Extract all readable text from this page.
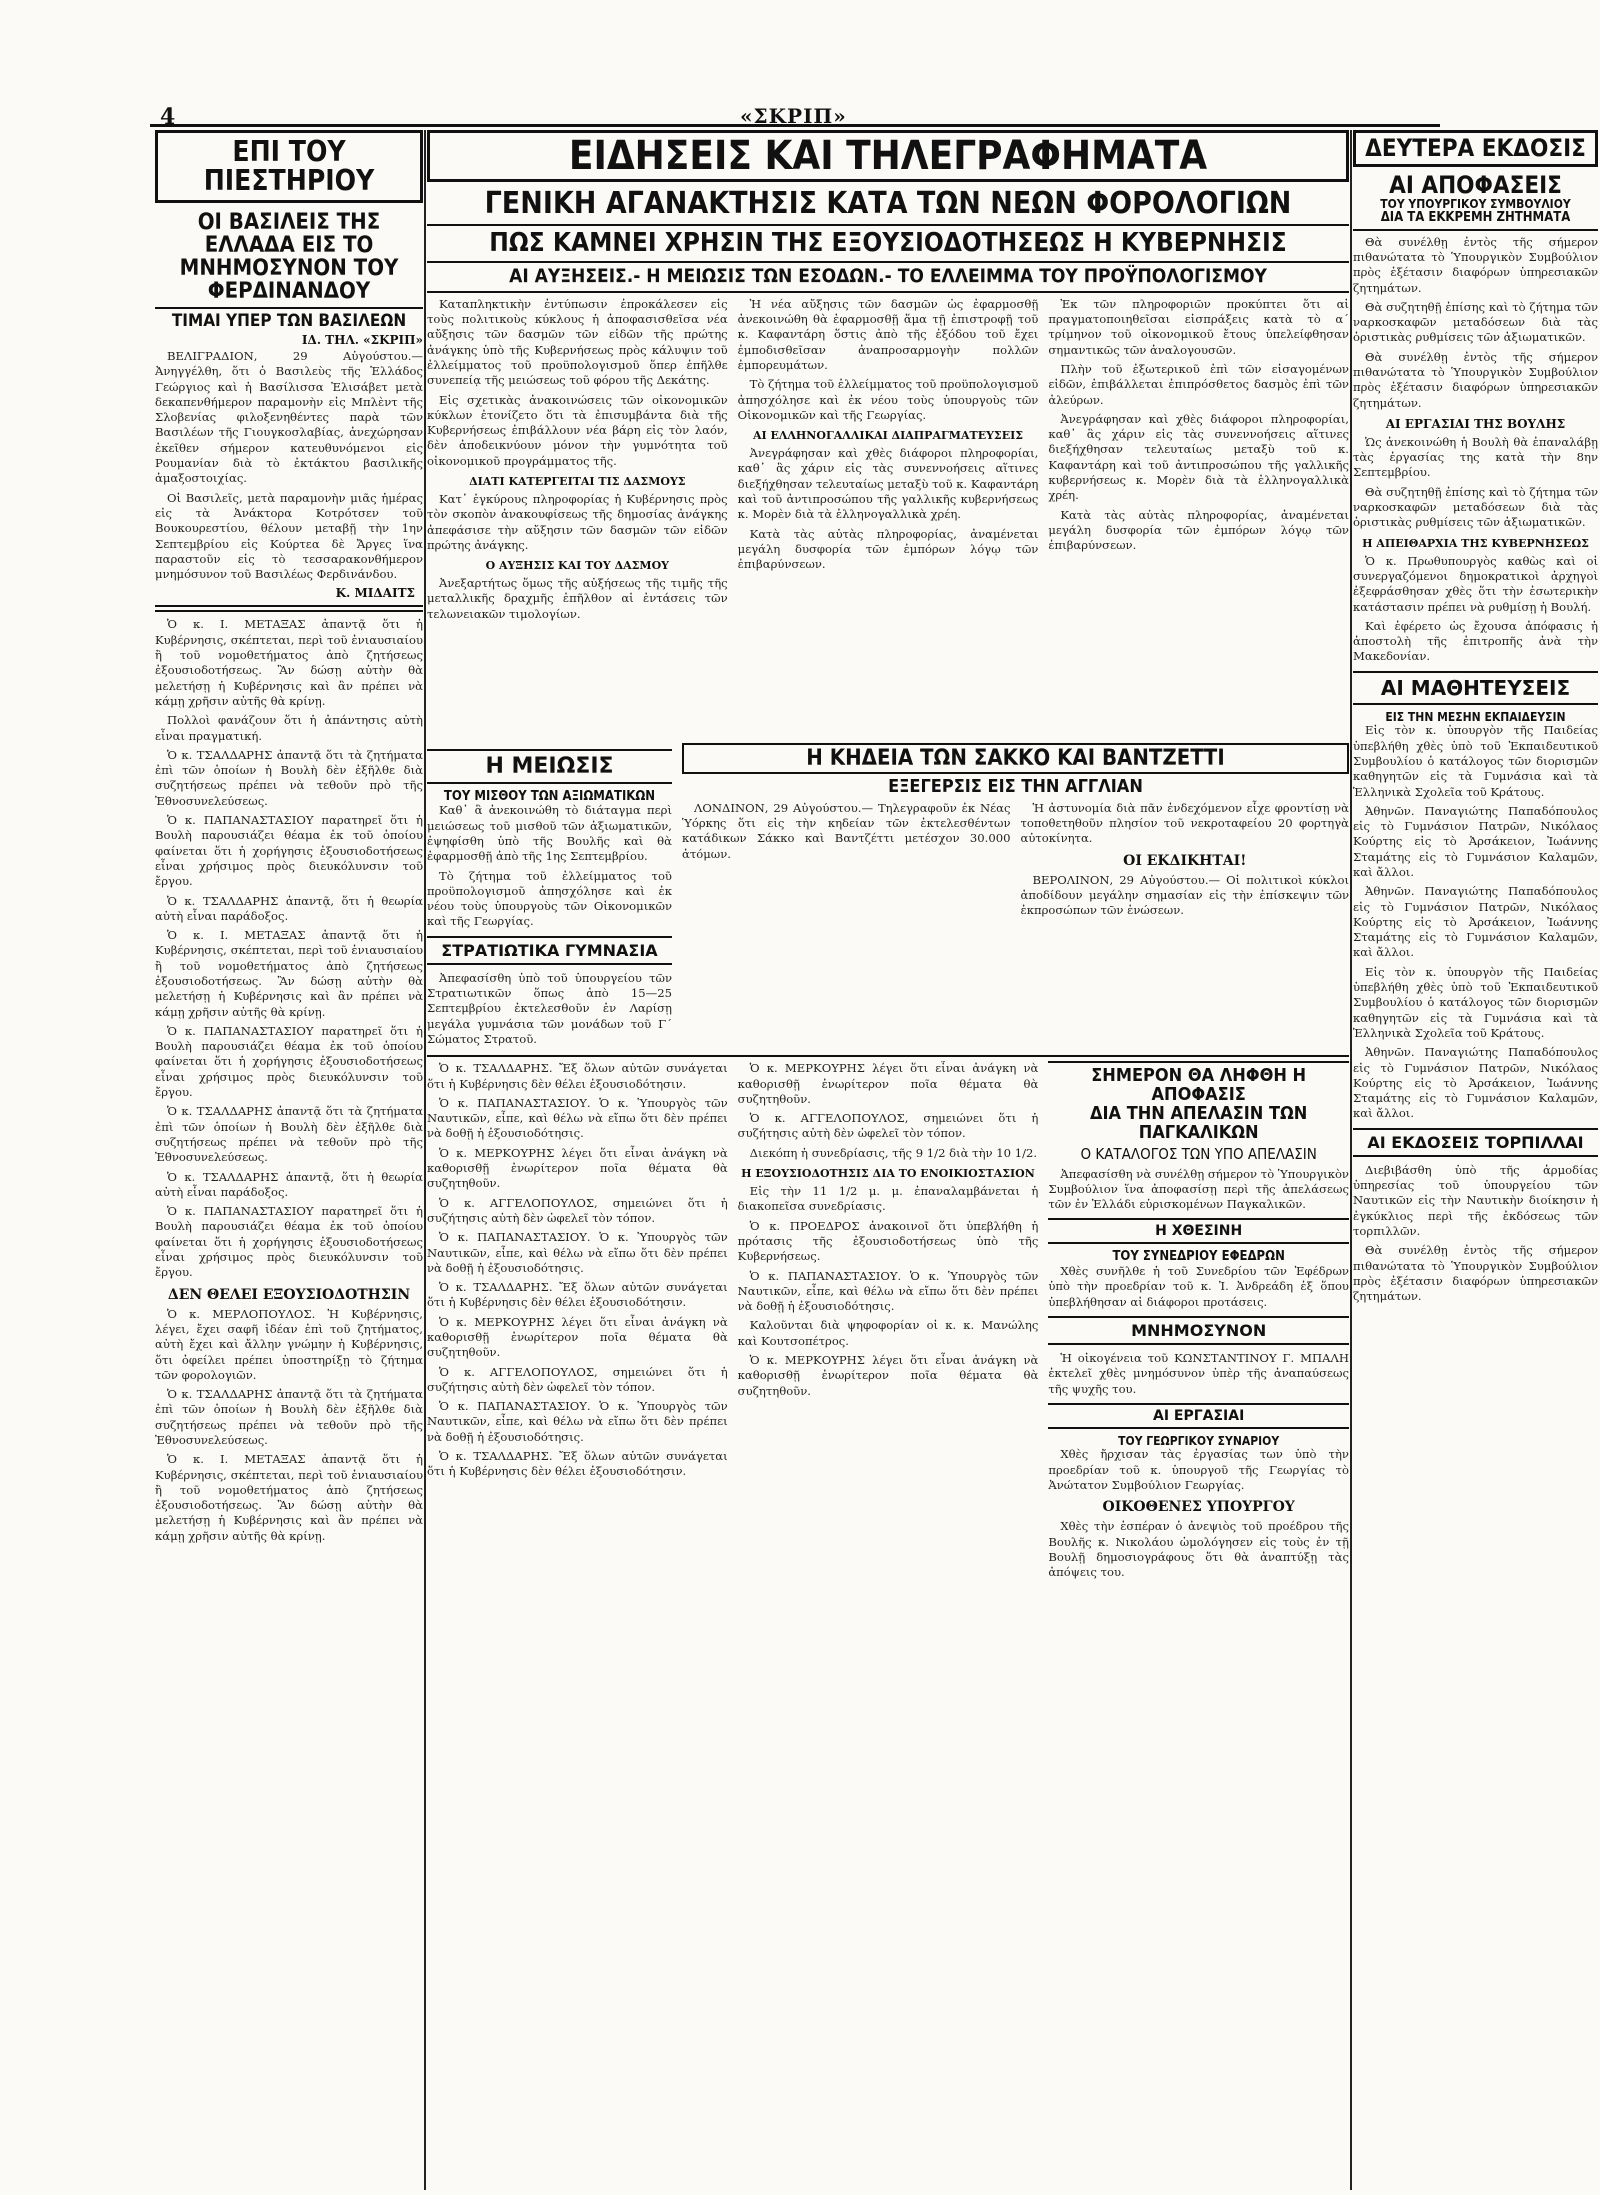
4	«ΣΚΡΙΠ»
ΕΠΙ ΤΟΥ ΠΙΕΣΤΗΡΙΟΥ
ΟΙ ΒΑΣΙΛΕΙΣ ΤΗΣ ΕΛΛΑΔΑ ΕΙΣ ΤΟ ΜΝΗΜΟΣΥΝΟΝ ΤΟΥ ΦΕΡΔΙΝΑΝΔΟΥ
ΤΙΜΑΙ ΥΠΕΡ ΤΩΝ ΒΑΣΙΛΕΩΝ
ΙΔ. ΤΗΛ. «ΣΚΡΙΠ»

ΒΕΛΙΓΡΑΔΙΟΝ, 29 Αὐγούστου.— Ἀνηγγέλθη, ὅτι ὁ Βασιλεὺς τῆς Ἑλλάδος Γεώργιος καὶ ἡ Βασίλισσα Ἐλισάβετ μετὰ δεκαπενθήμερον παραμονὴν εἰς Μπλὲντ τῆς Σλοβενίας φιλοξενηθέντες παρὰ τῶν Βασιλέων τῆς Γιουγκοσλαβίας, ἀνεχώρησαν ἐκεῖθεν σήμερον κατευθυνόμενοι εἰς Ρουμανίαν διὰ τὸ ἐκτάκτου βασιλικῆς ἀμαξοστοιχίας.

Οἱ Βασιλεῖς, μετὰ παραμονὴν μιᾶς ἡμέρας εἰς τὰ Ἀνάκτορα Κοτρότσεν τοῦ Βουκουρεστίου, θέλουν μεταβῇ τὴν 1ην Σεπτεμβρίου εἰς Κούρτεα δὲ Ἄργες ἵνα παραστοῦν εἰς τὸ τεσσαρακονθήμερον μνημόσυνον τοῦ Βασιλέως Φερδινάνδου.

Κ. ΜΙΔΑΙΤΣ

Ὁ κ. Ι. ΜΕΤΑΞΑΣ ἀπαντᾷ ὅτι ἡ Κυβέρνησις, σκέπτεται, περὶ τοῦ ἐνιαυσιαίου ἢ τοῦ νομοθετήματος ἀπὸ ζητήσεως ἐξουσιοδοτήσεως. Ἂν δώσῃ αὐτὴν θὰ μελετήσῃ ἡ Κυβέρνησις καὶ ἂν πρέπει νὰ κάμῃ χρῆσιν αὐτῆς θὰ κρίνῃ.

Πολλοὶ φανάζουν ὅτι ἡ ἀπάντησις αὐτὴ εἶναι πραγματική.

Ὁ κ. ΤΣΑΛΔΑΡΗΣ ἀπαντᾷ ὅτι τὰ ζητήματα ἐπὶ τῶν ὁποίων ἡ Βουλὴ δὲν ἐξῆλθε διὰ συζητήσεως πρέπει νὰ τεθοῦν πρὸ τῆς Ἐθνοσυνελεύσεως.

Ὁ κ. ΠΑΠΑΝΑΣΤΑΣΙΟΥ παρατηρεῖ ὅτι ἡ Βουλὴ παρουσιάζει θέαμα ἐκ τοῦ ὁποίου φαίνεται ὅτι ἡ χορήγησις ἐξουσιοδοτήσεως εἶναι χρήσιμος πρὸς διευκόλυνσιν τοῦ ἔργου.

Ὁ κ. ΤΣΑΛΔΑΡΗΣ ἀπαντᾷ, ὅτι ἡ θεωρία αὐτὴ εἶναι παράδοξος.

Ὁ κ. Ι. ΜΕΤΑΞΑΣ ἀπαντᾷ ὅτι ἡ Κυβέρνησις, σκέπτεται, περὶ τοῦ ἐνιαυσιαίου ἢ τοῦ νομοθετήματος ἀπὸ ζητήσεως ἐξουσιοδοτήσεως. Ἂν δώσῃ αὐτὴν θὰ μελετήσῃ ἡ Κυβέρνησις καὶ ἂν πρέπει νὰ κάμῃ χρῆσιν αὐτῆς θὰ κρίνῃ.

Ὁ κ. ΠΑΠΑΝΑΣΤΑΣΙΟΥ παρατηρεῖ ὅτι ἡ Βουλὴ παρουσιάζει θέαμα ἐκ τοῦ ὁποίου φαίνεται ὅτι ἡ χορήγησις ἐξουσιοδοτήσεως εἶναι χρήσιμος πρὸς διευκόλυνσιν τοῦ ἔργου.

Ὁ κ. ΤΣΑΛΔΑΡΗΣ ἀπαντᾷ ὅτι τὰ ζητήματα ἐπὶ τῶν ὁποίων ἡ Βουλὴ δὲν ἐξῆλθε διὰ συζητήσεως πρέπει νὰ τεθοῦν πρὸ τῆς Ἐθνοσυνελεύσεως.

Ὁ κ. ΤΣΑΛΔΑΡΗΣ ἀπαντᾷ, ὅτι ἡ θεωρία αὐτὴ εἶναι παράδοξος.

Ὁ κ. ΠΑΠΑΝΑΣΤΑΣΙΟΥ παρατηρεῖ ὅτι ἡ Βουλὴ παρουσιάζει θέαμα ἐκ τοῦ ὁποίου φαίνεται ὅτι ἡ χορήγησις ἐξουσιοδοτήσεως εἶναι χρήσιμος πρὸς διευκόλυνσιν τοῦ ἔργου.

ΔΕΝ ΘΕΛΕΙ ΕΞΟΥΣΙΟΔΟΤΗΣΙΝ

Ὁ κ. ΜΕΡΛΟΠΟΥΛΟΣ. Ἡ Κυβέρνησις, λέγει, ἔχει σαφῆ ἰδέαν ἐπὶ τοῦ ζητήματος, αὐτὴ ἔχει καὶ ἄλλην γνώμην ἡ Κυβέρνησις, ὅτι ὀφείλει πρέπει ὑποστηρίξῃ τὸ ζήτημα τῶν φορολογιῶν.

Ὁ κ. ΤΣΑΛΔΑΡΗΣ ἀπαντᾷ ὅτι τὰ ζητήματα ἐπὶ τῶν ὁποίων ἡ Βουλὴ δὲν ἐξῆλθε διὰ συζητήσεως πρέπει νὰ τεθοῦν πρὸ τῆς Ἐθνοσυνελεύσεως.

Ὁ κ. Ι. ΜΕΤΑΞΑΣ ἀπαντᾷ ὅτι ἡ Κυβέρνησις, σκέπτεται, περὶ τοῦ ἐνιαυσιαίου ἢ τοῦ νομοθετήματος ἀπὸ ζητήσεως ἐξουσιοδοτήσεως. Ἂν δώσῃ αὐτὴν θὰ μελετήσῃ ἡ Κυβέρνησις καὶ ἂν πρέπει νὰ κάμῃ χρῆσιν αὐτῆς θὰ κρίνῃ.

ΕΙΔΗΣΕΙΣ ΚΑΙ ΤΗΛΕΓΡΑΦΗΜΑΤΑ
ΓΕΝΙΚΗ ΑΓΑΝΑΚΤΗΣΙΣ ΚΑΤΑ ΤΩΝ ΝΕΩΝ ΦΟΡΟΛΟΓΙΩΝ
ΠΩΣ ΚΑΜΝΕΙ ΧΡΗΣΙΝ ΤΗΣ ΕΞΟΥΣΙΟΔΟΤΗΣΕΩΣ Η ΚΥΒΕΡΝΗΣΙΣ
ΑΙ ΑΥΞΗΣΕΙΣ.- Η ΜΕΙΩΣΙΣ ΤΩΝ ΕΣΟΔΩΝ.- ΤΟ ΕΛΛΕΙΜΜΑ ΤΟΥ ΠΡΟΫΠΟΛΟΓΙΣΜΟΥ

Καταπληκτικὴν ἐντύπωσιν ἐπροκάλεσεν εἰς τοὺς πολιτικοὺς κύκλους ἡ ἀποφασισθεῖσα νέα αὔξησις τῶν δασμῶν τῶν εἰδῶν τῆς πρώτης ἀνάγκης ὑπὸ τῆς Κυβερνήσεως πρὸς κάλυψιν τοῦ ἐλλείμματος τοῦ προϋπολογισμοῦ ὅπερ ἐπῆλθε συνεπείᾳ τῆς μειώσεως τοῦ φόρου τῆς Δεκάτης.

Εἰς σχετικὰς ἀνακοινώσεις τῶν οἰκονομικῶν κύκλων ἐτονίζετο ὅτι τὰ ἐπισυμβάντα διὰ τῆς Κυβερνήσεως ἐπιβάλλουν νέα βάρη εἰς τὸν λαόν, δὲν ἀποδεικνύουν μόνον τὴν γυμνότητα τοῦ οἰκονομικοῦ προγράμματος τῆς.

ΔΙΑΤΙ ΚΑΤΕΡΓΕΙΤΑΙ ΤΙΣ ΔΑΣΜΟΥΣ

Κατ᾿ ἐγκύρους πληροφορίας ἡ Κυβέρνησις πρὸς τὸν σκοπὸν ἀνακουφίσεως τῆς δημοσίας ἀνάγκης ἀπεφάσισε τὴν αὔξησιν τῶν δασμῶν τῶν εἰδῶν πρώτης ἀνάγκης.

Ο ΑΥΞΗΣΙΣ ΚΑΙ ΤΟΥ ΔΑΣΜΟΥ

Ἀνεξαρτήτως ὅμως τῆς αὐξήσεως τῆς τιμῆς τῆς μεταλλικῆς δραχμῆς ἐπῆλθον αἱ ἐντάσεις τῶν τελωνειακῶν τιμολογίων.

Ἡ νέα αὔξησις τῶν δασμῶν ὡς ἐφαρμοσθῇ ἀνεκοινώθη θὰ ἐφαρμοσθῇ ἅμα τῇ ἐπιστροφῇ τοῦ κ. Καφαντάρη ὅστις ἀπὸ τῆς ἐξόδου τοῦ ἔχει ἐμποδισθεῖσαν ἀναπροσαρμογὴν πολλῶν ἐμπορευμάτων.

Τὸ ζήτημα τοῦ ἐλλείμματος τοῦ προϋπολογισμοῦ ἀπησχόλησε καὶ ἐκ νέου τοὺς ὑπουργοὺς τῶν Οἰκονομικῶν καὶ τῆς Γεωργίας.

ΑΙ ΕΛΛΗΝΟΓΑΛΛΙΚΑΙ ΔΙΑΠΡΑΓΜΑΤΕΥΣΕΙΣ

Ἀνεγράφησαν καὶ χθὲς διάφοροι πληροφορίαι, καθ᾿ ἃς χάριν εἰς τὰς συνεννοήσεις αἵτινες διεξήχθησαν τελευταίως μεταξὺ τοῦ κ. Καφαντάρη καὶ τοῦ ἀντιπροσώπου τῆς γαλλικῆς κυβερνήσεως κ. Μορὲν διὰ τὰ ἑλληνογαλλικὰ χρέη.

Κατὰ τὰς αὐτὰς πληροφορίας, ἀναμένεται μεγάλη δυσφορία τῶν ἐμπόρων λόγῳ τῶν ἐπιβαρύνσεων.

Ἐκ τῶν πληροφοριῶν προκύπτει ὅτι αἱ πραγματοποιηθεῖσαι εἰσπράξεις κατὰ τὸ α΄ τρίμηνον τοῦ οἰκονομικοῦ ἔτους ὑπελείφθησαν σημαντικῶς τῶν ἀναλογουσῶν.

Πλὴν τοῦ ἐξωτερικοῦ ἐπὶ τῶν εἰσαγομένων εἰδῶν, ἐπιβάλλεται ἐπιπρόσθετος δασμὸς ἐπὶ τῶν ἀλεύρων.

Ἀνεγράφησαν καὶ χθὲς διάφοροι πληροφορίαι, καθ᾿ ἃς χάριν εἰς τὰς συνεννοήσεις αἵτινες διεξήχθησαν τελευταίως μεταξὺ τοῦ κ. Καφαντάρη καὶ τοῦ ἀντιπροσώπου τῆς γαλλικῆς κυβερνήσεως κ. Μορὲν διὰ τὰ ἑλληνογαλλικὰ χρέη.

Κατὰ τὰς αὐτὰς πληροφορίας, ἀναμένεται μεγάλη δυσφορία τῶν ἐμπόρων λόγῳ τῶν ἐπιβαρύνσεων.

Η ΜΕΙΩΣΙΣ
ΤΟΥ ΜΙΣΘΟΥ ΤΩΝ ΑΞΙΩΜΑΤΙΚΩΝ

Καθ᾿ ἃ ἀνεκοινώθη τὸ διάταγμα περὶ μειώσεως τοῦ μισθοῦ τῶν ἀξιωματικῶν, ἐψηφίσθη ὑπὸ τῆς Βουλῆς καὶ θὰ ἐφαρμοσθῇ ἀπὸ τῆς 1ης Σεπτεμβρίου.

Τὸ ζήτημα τοῦ ἐλλείμματος τοῦ προϋπολογισμοῦ ἀπησχόλησε καὶ ἐκ νέου τοὺς ὑπουργοὺς τῶν Οἰκονομικῶν καὶ τῆς Γεωργίας.

ΣΤΡΑΤΙΩΤΙΚΑ ΓΥΜΝΑΣΙΑ

Ἀπεφασίσθη ὑπὸ τοῦ ὑπουργείου τῶν Στρατιωτικῶν ὅπως ἀπὸ 15—25 Σεπτεμβρίου ἐκτελεσθοῦν ἐν Λαρίσῃ μεγάλα γυμνάσια τῶν μονάδων τοῦ Γ΄ Σώματος Στρατοῦ.

Η ΚΗΔΕΙΑ ΤΩΝ ΣΑΚΚΟ ΚΑΙ ΒΑΝΤΖΕΤΤΙ
ΕΞΕΓΕΡΣΙΣ ΕΙΣ ΤΗΝ ΑΓΓΛΙΑΝ

ΛΟΝΔΙΝΟΝ, 29 Αὐγούστου.— Τηλεγραφοῦν ἐκ Νέας Ὑόρκης ὅτι εἰς τὴν κηδείαν τῶν ἐκτελεσθέντων κατάδικων Σάκκο καὶ Βαντζέττι μετέσχον 30.000 ἀτόμων.

Ἡ ἀστυνομία διὰ πᾶν ἐνδεχόμενον εἶχε φροντίσῃ νὰ τοποθετηθοῦν πλησίον τοῦ νεκροταφείου 20 φορτηγὰ αὐτοκίνητα.

ΟΙ ΕΚΔΙΚΗΤΑΙ!

ΒΕΡΟΛΙΝΟΝ, 29 Αὐγούστου.— Οἱ πολιτικοὶ κύκλοι ἀποδίδουν μεγάλην σημασίαν εἰς τὴν ἐπίσκεψιν τῶν ἐκπροσώπων τῶν ἑνώσεων.

Ὁ κ. ΤΣΑΛΔΑΡΗΣ. Ἔξ ὅλων αὐτῶν συνάγεται ὅτι ἡ Κυβέρνησις δὲν θέλει ἐξουσιοδότησιν.

Ὁ κ. ΠΑΠΑΝΑΣΤΑΣΙΟΥ. Ὁ κ. Ὑπουργὸς τῶν Ναυτικῶν, εἶπε, καὶ θέλω νὰ εἴπω ὅτι δὲν πρέπει νὰ δοθῇ ἡ ἐξουσιοδότησις.

Ὁ κ. ΜΕΡΚΟΥΡΗΣ λέγει ὅτι εἶναι ἀνάγκη νὰ καθορισθῇ ἐνωρίτερον ποῖα θέματα θὰ συζητηθοῦν.

Ὁ κ. ΑΓΓΕΛΟΠΟΥΛΟΣ, σημειώνει ὅτι ἡ συζήτησις αὐτὴ δὲν ὠφελεῖ τὸν τόπον.

Ὁ κ. ΠΑΠΑΝΑΣΤΑΣΙΟΥ. Ὁ κ. Ὑπουργὸς τῶν Ναυτικῶν, εἶπε, καὶ θέλω νὰ εἴπω ὅτι δὲν πρέπει νὰ δοθῇ ἡ ἐξουσιοδότησις.

Ὁ κ. ΤΣΑΛΔΑΡΗΣ. Ἔξ ὅλων αὐτῶν συνάγεται ὅτι ἡ Κυβέρνησις δὲν θέλει ἐξουσιοδότησιν.

Ὁ κ. ΜΕΡΚΟΥΡΗΣ λέγει ὅτι εἶναι ἀνάγκη νὰ καθορισθῇ ἐνωρίτερον ποῖα θέματα θὰ συζητηθοῦν.

Ὁ κ. ΑΓΓΕΛΟΠΟΥΛΟΣ, σημειώνει ὅτι ἡ συζήτησις αὐτὴ δὲν ὠφελεῖ τὸν τόπον.

Ὁ κ. ΠΑΠΑΝΑΣΤΑΣΙΟΥ. Ὁ κ. Ὑπουργὸς τῶν Ναυτικῶν, εἶπε, καὶ θέλω νὰ εἴπω ὅτι δὲν πρέπει νὰ δοθῇ ἡ ἐξουσιοδότησις.

Ὁ κ. ΤΣΑΛΔΑΡΗΣ. Ἔξ ὅλων αὐτῶν συνάγεται ὅτι ἡ Κυβέρνησις δὲν θέλει ἐξουσιοδότησιν.

Ὁ κ. ΜΕΡΚΟΥΡΗΣ λέγει ὅτι εἶναι ἀνάγκη νὰ καθορισθῇ ἐνωρίτερον ποῖα θέματα θὰ συζητηθοῦν.

Ὁ κ. ΑΓΓΕΛΟΠΟΥΛΟΣ, σημειώνει ὅτι ἡ συζήτησις αὐτὴ δὲν ὠφελεῖ τὸν τόπον.

Διεκόπη ἡ συνεδρίασις, τῆς 9 1/2 διὰ τὴν 10 1/2.

Η ΕΞΟΥΣΙΟΔΟΤΗΣΙΣ ΔΙΑ ΤΟ ΕΝΟΙΚΙΟΣΤΑΣΙΟΝ

Εἰς τὴν 11 1/2 μ. μ. ἐπαναλαμβάνεται ἡ διακοπεῖσα συνεδρίασις.

Ὁ κ. ΠΡΟΕΔΡΟΣ ἀνακοινοῖ ὅτι ὑπεβλήθη ἡ πρότασις τῆς ἐξουσιοδοτήσεως ὑπὸ τῆς Κυβερνήσεως.

Ὁ κ. ΠΑΠΑΝΑΣΤΑΣΙΟΥ. Ὁ κ. Ὑπουργὸς τῶν Ναυτικῶν, εἶπε, καὶ θέλω νὰ εἴπω ὅτι δὲν πρέπει νὰ δοθῇ ἡ ἐξουσιοδότησις.

Καλοῦνται διὰ ψηφοφορίαν οἱ κ. κ. Μανώλης καὶ Κουτσοπέτρος.

Ὁ κ. ΜΕΡΚΟΥΡΗΣ λέγει ὅτι εἶναι ἀνάγκη νὰ καθορισθῇ ἐνωρίτερον ποῖα θέματα θὰ συζητηθοῦν.

ΣΗΜΕΡΟΝ ΘΑ ΛΗΦΘΗ Η ΑΠΟΦΑΣΙΣ
ΔΙΑ ΤΗΝ ΑΠΕΛΑΣΙΝ ΤΩΝ ΠΑΓΚΑΛΙΚΩΝ
Ο ΚΑΤΑΛΟΓΟΣ ΤΩΝ ΥΠΟ ΑΠΕΛΑΣΙΝ

Ἀπεφασίσθη νὰ συνέλθῃ σήμερον τὸ Ὑπουργικὸν Συμβούλιον ἵνα ἀποφασίσῃ περὶ τῆς ἀπελάσεως τῶν ἐν Ἑλλάδι εὑρισκομένων Παγκαλικῶν.

Η ΧΘΕΣΙΝΗ
ΤΟΥ ΣΥΝΕΔΡΙΟΥ ΕΦΕΔΡΩΝ

Χθὲς συνῆλθε ἡ τοῦ Συνεδρίου τῶν Ἐφέδρων ὑπὸ τὴν προεδρίαν τοῦ κ. Ἰ. Ἀνδρεάδη ἐξ ὅπου ὑπεβλήθησαν αἱ διάφοροι προτάσεις.

ΜΝΗΜΟΣΥΝΟΝ

Ἡ οἰκογένεια τοῦ ΚΩΝΣΤΑΝΤΙΝΟΥ Γ. ΜΠΑΛΗ ἐκτελεῖ χθὲς μνημόσυνον ὑπὲρ τῆς ἀναπαύσεως τῆς ψυχῆς του.

ΑΙ ΕΡΓΑΣΙΑΙ
ΤΟΥ ΓΕΩΡΓΙΚΟΥ ΣΥΝΑΡΙΟΥ

Χθὲς ἤρχισαν τὰς ἐργασίας των ὑπὸ τὴν προεδρίαν τοῦ κ. ὑπουργοῦ τῆς Γεωργίας τὸ Ἀνώτατον Συμβούλιον Γεωργίας.

ΟΙΚΟΘΕΝΕΣ ΥΠΟΥΡΓΟΥ

Χθὲς τὴν ἑσπέραν ὁ ἀνεψιὸς τοῦ προέδρου τῆς Βουλῆς κ. Νικολάου ὡμολόγησεν εἰς τοὺς ἐν τῇ Βουλῇ δημοσιογράφους ὅτι θὰ ἀναπτύξῃ τὰς ἀπόψεις του.

ΔΕΥΤΕΡΑ ΕΚΔΟΣΙΣ
ΑΙ ΑΠΟΦΑΣΕΙΣ
ΤΟΥ ΥΠΟΥΡΓΙΚΟΥ ΣΥΜΒΟΥΛΙΟΥ
ΔΙΑ ΤΑ ΕΚΚΡΕΜΗ ΖΗΤΗΜΑΤΑ

Θὰ συνέλθῃ ἐντὸς τῆς σήμερον πιθανώτατα τὸ Ὑπουργικὸν Συμβούλιον πρὸς ἐξέτασιν διαφόρων ὑπηρεσιακῶν ζητημάτων.

Θὰ συζητηθῇ ἐπίσης καὶ τὸ ζήτημα τῶν ναρκοσκαφῶν μεταδόσεων διὰ τὰς ὁριστικὰς ρυθμίσεις τῶν ἀξιωματικῶν.

Θὰ συνέλθῃ ἐντὸς τῆς σήμερον πιθανώτατα τὸ Ὑπουργικὸν Συμβούλιον πρὸς ἐξέτασιν διαφόρων ὑπηρεσιακῶν ζητημάτων.

ΑΙ ΕΡΓΑΣΙΑΙ ΤΗΣ ΒΟΥΛΗΣ

Ὡς ἀνεκοινώθη ἡ Βουλὴ θὰ ἐπαναλάβῃ τὰς ἐργασίας της κατὰ τὴν 8ην Σεπτεμβρίου.

Θὰ συζητηθῇ ἐπίσης καὶ τὸ ζήτημα τῶν ναρκοσκαφῶν μεταδόσεων διὰ τὰς ὁριστικὰς ρυθμίσεις τῶν ἀξιωματικῶν.

Η ΑΠΕΙΘΑΡΧΙΑ ΤΗΣ ΚΥΒΕΡΝΗΣΕΩΣ

Ὁ κ. Πρωθυπουργὸς καθὼς καὶ οἱ συνεργαζόμενοι δημοκρατικοὶ ἀρχηγοὶ ἐξεφράσθησαν χθὲς ὅτι τὴν ἐσωτερικὴν κατάστασιν πρέπει νὰ ρυθμίσῃ ἡ Βουλή.

Καὶ ἐφέρετο ὡς ἔχουσα ἀπόφασις ἡ ἀποστολὴ τῆς ἐπιτροπῆς ἀνὰ τὴν Μακεδονίαν.

ΑΙ ΜΑΘΗΤΕΥΣΕΙΣ
ΕΙΣ ΤΗΝ ΜΕΣΗΝ ΕΚΠΑΙΔΕΥΣΙΝ

Εἰς τὸν κ. ὑπουργὸν τῆς Παιδείας ὑπεβλήθη χθὲς ὑπὸ τοῦ Ἐκπαιδευτικοῦ Συμβουλίου ὁ κατάλογος τῶν διορισμῶν καθηγητῶν εἰς τὰ Γυμνάσια καὶ τὰ Ἑλληνικὰ Σχολεῖα τοῦ Κράτους.

Ἀθηνῶν. Παναγιώτης Παπαδόπουλος εἰς τὸ Γυμνάσιον Πατρῶν, Νικόλαος Κούρτης εἰς τὸ Ἀρσάκειον, Ἰωάννης Σταμάτης εἰς τὸ Γυμνάσιον Καλαμῶν, καὶ ἄλλοι.

Ἀθηνῶν. Παναγιώτης Παπαδόπουλος εἰς τὸ Γυμνάσιον Πατρῶν, Νικόλαος Κούρτης εἰς τὸ Ἀρσάκειον, Ἰωάννης Σταμάτης εἰς τὸ Γυμνάσιον Καλαμῶν, καὶ ἄλλοι.

Εἰς τὸν κ. ὑπουργὸν τῆς Παιδείας ὑπεβλήθη χθὲς ὑπὸ τοῦ Ἐκπαιδευτικοῦ Συμβουλίου ὁ κατάλογος τῶν διορισμῶν καθηγητῶν εἰς τὰ Γυμνάσια καὶ τὰ Ἑλληνικὰ Σχολεῖα τοῦ Κράτους.

Ἀθηνῶν. Παναγιώτης Παπαδόπουλος εἰς τὸ Γυμνάσιον Πατρῶν, Νικόλαος Κούρτης εἰς τὸ Ἀρσάκειον, Ἰωάννης Σταμάτης εἰς τὸ Γυμνάσιον Καλαμῶν, καὶ ἄλλοι.

ΑΙ ΕΚΔΟΣΕΙΣ ΤΟΡΠΙΛΛΑΙ

Διεβιβάσθη ὑπὸ τῆς ἁρμοδίας ὑπηρεσίας τοῦ ὑπουργείου τῶν Ναυτικῶν εἰς τὴν Ναυτικὴν διοίκησιν ἡ ἐγκύκλιος περὶ τῆς ἐκδόσεως τῶν τορπιλλῶν.

Θὰ συνέλθῃ ἐντὸς τῆς σήμερον πιθανώτατα τὸ Ὑπουργικὸν Συμβούλιον πρὸς ἐξέτασιν διαφόρων ὑπηρεσιακῶν ζητημάτων.
